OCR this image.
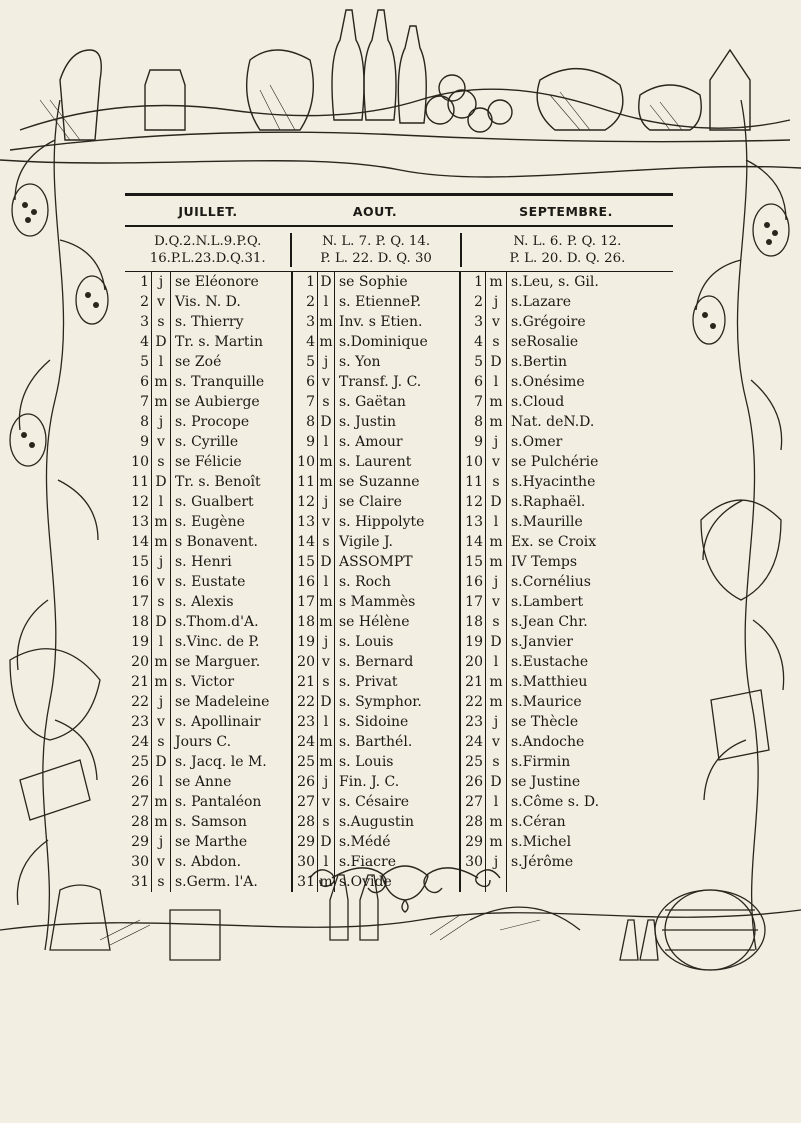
JUILLET.	AOUT.	SEPTEMBRE.
D.Q.2.N.L.9.P.Q.	N. L. 7. P. Q. 14.	N. L. 6. P. Q. 12.
16.P.L.23.D.Q.31.	P. L. 22. D. Q. 30	P. L. 20. D. Q. 26.
1 j se Eléonore	1 D se Sophie	1 m s.Leu, s. Gil.
2 v Vis. N. D.	2 l s. EtienneP.	2 j s.Lazare
3 s s. Thierry	3 m Inv. s Etien.	3 v s.Grégoire
4 D Tr. s. Martin	4 m s.Dominique	4 s seRosalie
5 l se Zoé	5 j s. Yon	5 D s.Bertin
6 m s. Tranquille	6 v Transf. J. C.	6 l s.Onésime
7 m se Aubierge	7 s s. Gaëtan	7 m s.Cloud
8 j s. Procope	8 D s. Justin	8 m Nat. deN.D.
9 v s. Cyrille	9 l s. Amour	9 j s.Omer
10 s se Félicie	10 m s. Laurent	10 v se Pulchérie
11 D Tr. s. Benoît	11 m se Suzanne	11 s s.Hyacinthe
12 l s. Gualbert	12 j se Claire	12 D s.Raphaël.
13 m s. Eugène	13 v s. Hippolyte	13 l s.Maurille
14 m s Bonavent.	14 s Vigile J.	14 m Ex. se Croix
15 j s. Henri	15 D ASSOMPT	15 m IV Temps
16 v s. Eustate	16 l s. Roch	16 j s.Cornélius
17 s s. Alexis	17 m s Mammès	17 v s.Lambert
18 D s.Thom.d'A.	18 m se Hélène	18 s s.Jean Chr.
19 l s.Vinc. de P.	19 j s. Louis	19 D s.Janvier
20 m se Marguer.	20 v s. Bernard	20 l s.Eustache
21 m s. Victor	21 s s. Privat	21 m s.Matthieu
22 j se Madeleine	22 D s. Symphor.	22 m s.Maurice
23 v s. Apollinair	23 l s. Sidoine	23 j se Thècle
24 s Jours C.	24 m s. Barthél.	24 v s.Andoche
25 D s. Jacq. le M.	25 m s. Louis	25 s s.Firmin
26 l se Anne	26 j Fin. J. C.	26 D se Justine
27 m s. Pantaléon	27 v s. Césaire	27 l s.Côme s. D.
28 m s. Samson	28 s s.Augustin	28 m s.Céran
29 j se Marthe	29 D s.Médé	29 m s.Michel
30 v s. Abdon.	30 l s.Fiacre	30 j s.Jérôme
31 s s.Germ. l'A.	31 m s.Ovide
